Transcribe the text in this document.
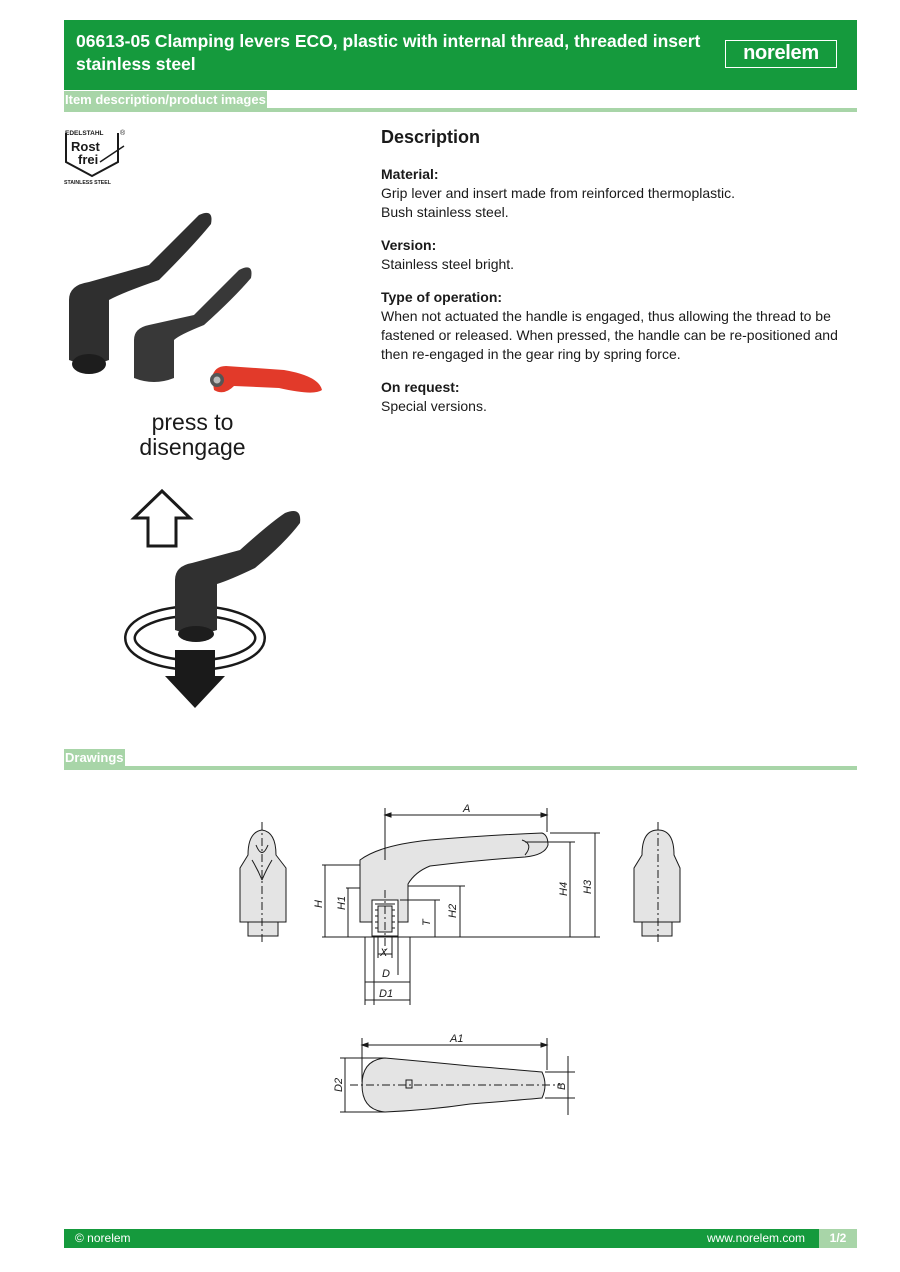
06613-05 Clamping levers ECO, plastic with internal thread, threaded insert stainless steel	norelem
Item description/product images
EDELSTAHL ®
Rost
frei
STAINLESS STEEL
press to
disengage
Description

Material:

Grip lever and insert made from reinforced thermoplastic.

Bush stainless steel.

Version:

Stainless steel bright.

Type of operation:

When not actuated the handle is engaged, thus allowing the thread to be fastened or released. When pressed, the handle can be re-positioned and then re-engaged in the gear ring by spring force.

On request:

Special versions.

Drawings
A
A1
X
D
D1
H H1
T
H2
H4 H3
D2	B
© norelem	www.norelem.com	1/2
